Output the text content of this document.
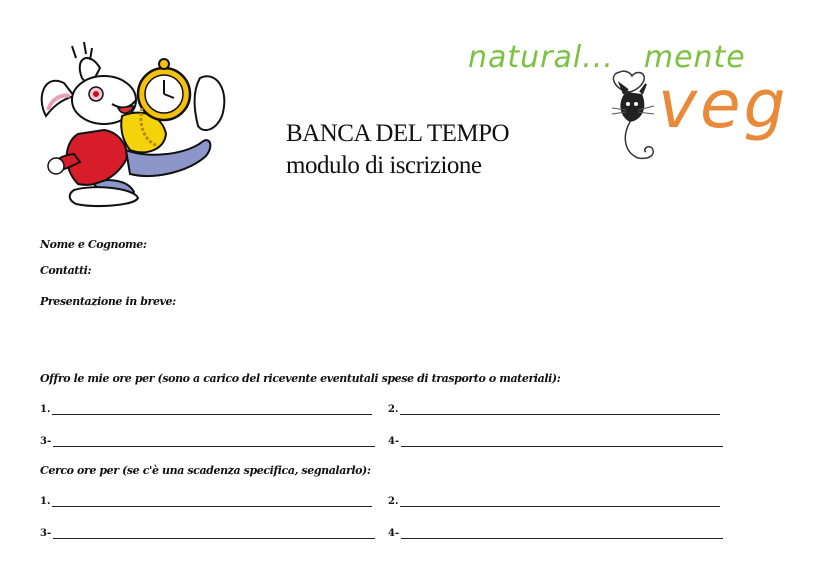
natural... mente
veg
BANCA DEL TEMPO
modulo di iscrizione
Nome e Cognome:
Contatti:
Presentazione in breve:
Offro le mie ore per (sono a carico del ricevente eventutali spese di trasporto o materiali):
1.	2.
3-	4-
Cerco ore per (se c'è una scadenza specifica, segnalarlo):
1.	2.
3-	4-
